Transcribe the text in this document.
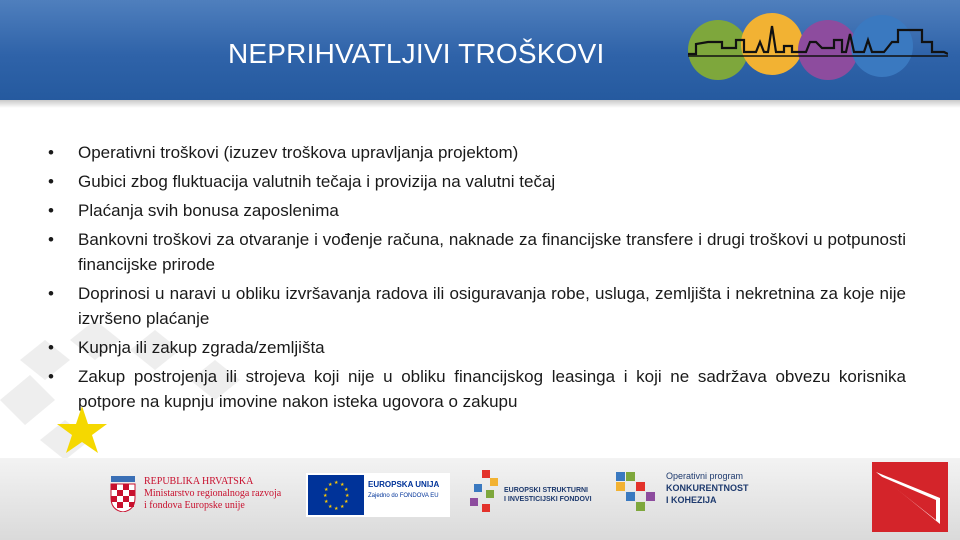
NEPRIHVATLJIVI TROŠKOVI
• Operativni troškovi (izuzev troškova upravljanja projektom)
• Gubici zbog fluktuacija valutnih tečaja i provizija na valutni tečaj
• Plaćanja svih bonusa zaposlenima
• Bankovni troškovi za otvaranje i vođenje računa, naknade za financijske transfere i drugi troškovi u potpunosti financijske prirode
• Doprinosi u naravi u obliku izvršavanja radova ili osiguravanja robe, usluga, zemljišta i nekretnina za koje nije izvršeno plaćanje
• Kupnja ili zakup zgrada/zemljišta
• Zakup postrojenja ili strojeva koji nije u obliku financijskog leasinga i koji ne sadržava obvezu korisnika potpore na kupnju imovine nakon isteka ugovora o zakupu
REPUBLIKA HRVATSKA
Ministarstvo regionalnoga razvoja
i fondova Europske unije
★ ★
★
★
★
★
★
★
★
★
★
★	EUROPSKA UNIJA
Zajedno do FONDOVA EU
EUROPSKI STRUKTURNI
I INVESTICIJSKI FONDOVI
Operativni program
KONKURENTNOST
I KOHEZIJA
